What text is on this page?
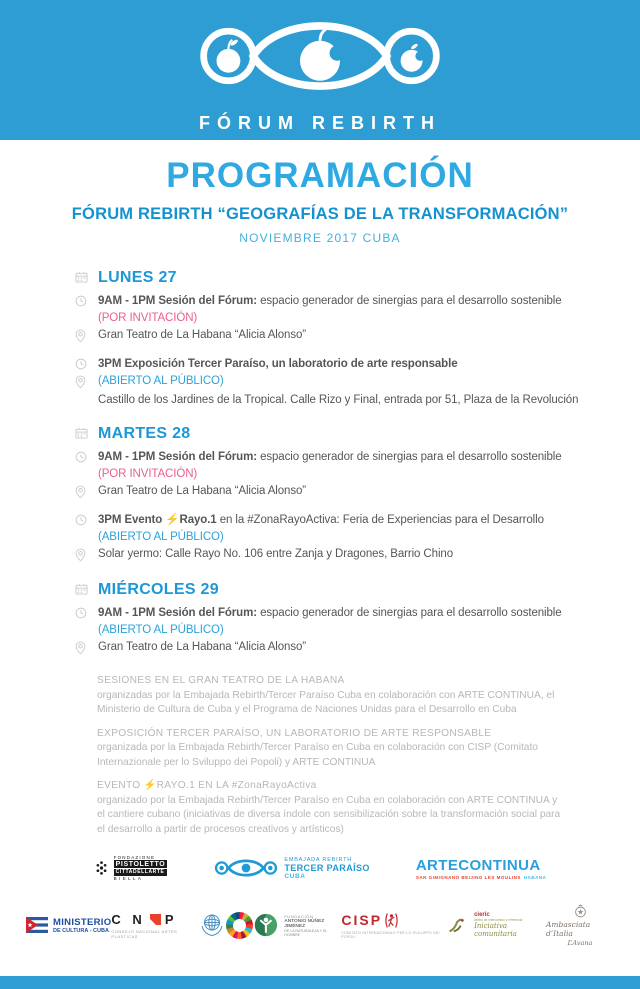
FÓRUM REBIRTH
PROGRAMACIÓN
FÓRUM REBIRTH “GEOGRAFÍAS DE LA TRANSFORMACIÓN”
NOVIEMBRE 2017 CUBA
LUNES 27

9AM - 1PM Sesión del Fórum: espacio generador de sinergias para el desarrollo sostenible

(POR INVITACIÓN)

Gran Teatro de La Habana “Alicia Alonso”

3PM Exposición Tercer Paraíso, un laboratorio de arte responsable

(ABIERTO AL PÚBLICO)

Castillo de los Jardines de la Tropical. Calle Rizo y Final, entrada por 51, Plaza de la Revolución

MARTES 28

9AM - 1PM Sesión del Fórum: espacio generador de sinergias para el desarrollo sostenible

(POR INVITACIÓN)

Gran Teatro de La Habana “Alicia Alonso”

3PM Evento ⚡Rayo.1 en la #ZonaRayoActiva: Feria de Experiencias para el Desarrollo

(ABIERTO AL PÚBLICO)

Solar yermo: Calle Rayo No. 106 entre Zanja y Dragones, Barrio Chino

MIÉRCOLES 29

9AM - 1PM Sesión del Fórum: espacio generador de sinergias para el desarrollo sostenible

(ABIERTO AL PÚBLICO)

Gran Teatro de La Habana “Alicia Alonso”

SESIONES EN EL GRAN TEATRO DE LA HABANA
organizadas por la Embajada Rebirth/Tercer Paraíso Cuba en colaboración con ARTE CONTINUA, el Ministerio de Cultura de Cuba y el Programa de Naciones Unidas para el Desarrollo en Cuba
EXPOSICIÓN TERCER PARAÍSO, UN LABORATORIO DE ARTE RESPONSABLE
organizada por la Embajada Rebirth/Tercer Paraíso en Cuba en colaboración con CISP (Comitato Internazionale per lo Sviluppo dei Popoli) y ARTE CONTINUA
EVENTO ⚡RAYO.1 EN LA #ZonaRayoActiva
organizado por la Embajada Rebirth/Tercer Paraíso en Cuba en colaboración con ARTE CONTINUA y el cantiere cubano (iniciativas de diversa índole con sensibilización sobre la transformación social para el desarrollo a partir de procesos creativos y artísticos)
FONDAZIONE
PISTOLETTO
CITTADELLARTE
BIELLA
EMBAJADA REBIRTH
TERCER PARAÍSO
CUBA
ARTECONTINUA
SAN GIMIGNANO BEIJING LES MOULINS HABANA
MINISTERIO
DE CULTURA - CUBA
C N P
CONSEJO NACIONAL ARTES PLASTICAS
FUNDACIÓN
ANTONIO NÚÑEZ JIMÉNEZ
DE LA NATURALEZA Y EL HOMBRE
CISP
COMITATO INTERNAZIONALE PER LO SVILUPPO DEI POPOLI
cieric
centro de intercambio y referencia
Iniciativa comunitaria
Ambasciata d’Italia
L’Avana
